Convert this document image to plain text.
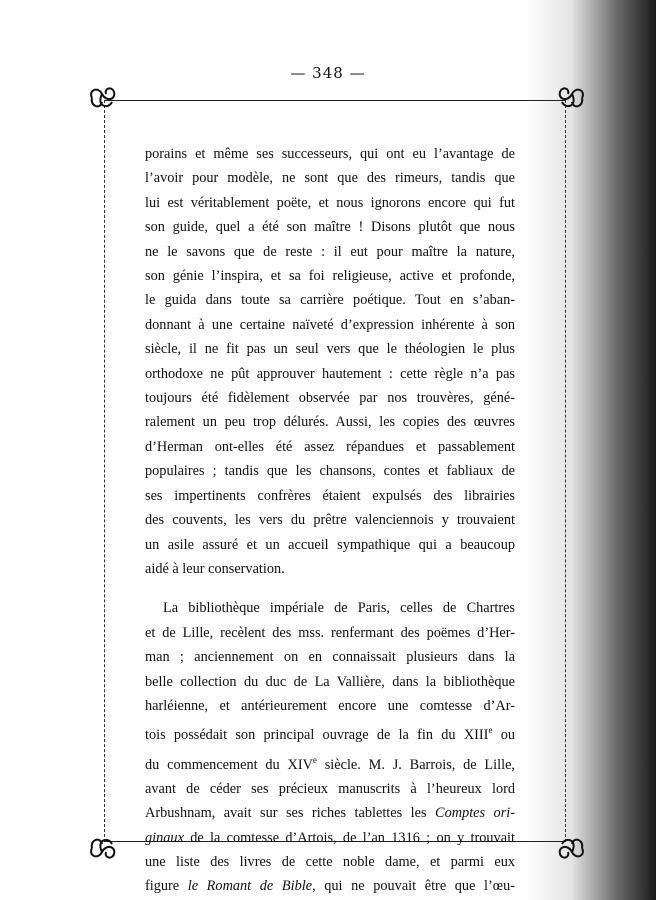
— 348 —
porains et même ses successeurs, qui ont eu l’avantage de
l’avoir pour modèle, ne sont que des rimeurs, tandis que
lui est véritablement poëte, et nous ignorons encore qui fut
son guide, quel a été son maître ! Disons plutôt que nous
ne le savons que de reste : il eut pour maître la nature,
son génie l’inspira, et sa foi religieuse, active et profonde,
le guida dans toute sa carrière poétique. Tout en s’aban-
donnant à une certaine naïveté d’expression inhérente à son
siècle, il ne fit pas un seul vers que le théologien le plus
orthodoxe ne pût approuver hautement : cette règle n’a pas
toujours été fidèlement observée par nos trouvères, géné-
ralement un peu trop délurés. Aussi, les copies des œuvres
d’Herman ont-elles été assez répandues et passablement
populaires ; tandis que les chansons, contes et fabliaux de
ses impertinents confrères étaient expulsés des librairies
des couvents, les vers du prêtre valenciennois y trouvaient
un asile assuré et un accueil sympathique qui a beaucoup
aidé à leur conservation.
La bibliothèque impériale de Paris, celles de Chartres
et de Lille, recèlent des mss. renfermant des poëmes d’Her-
man ; anciennement on en connaissait plusieurs dans la
belle collection du duc de La Vallière, dans la bibliothèque
harléienne, et antérieurement encore une comtesse d’Ar-
tois possédait son principal ouvrage de la fin du XIIIe ou
du commencement du XIVe siècle. M. J. Barrois, de Lille,
avant de céder ses précieux manuscrits à l’heureux lord
Arbushnam, avait sur ses riches tablettes les Comptes ori-
ginaux de la comtesse d’Artois, de l’an 1316 ; on y trouvait
une liste des livres de cette noble dame, et parmi eux
figure le Romant de Bible, qui ne pouvait être que l’œu-
